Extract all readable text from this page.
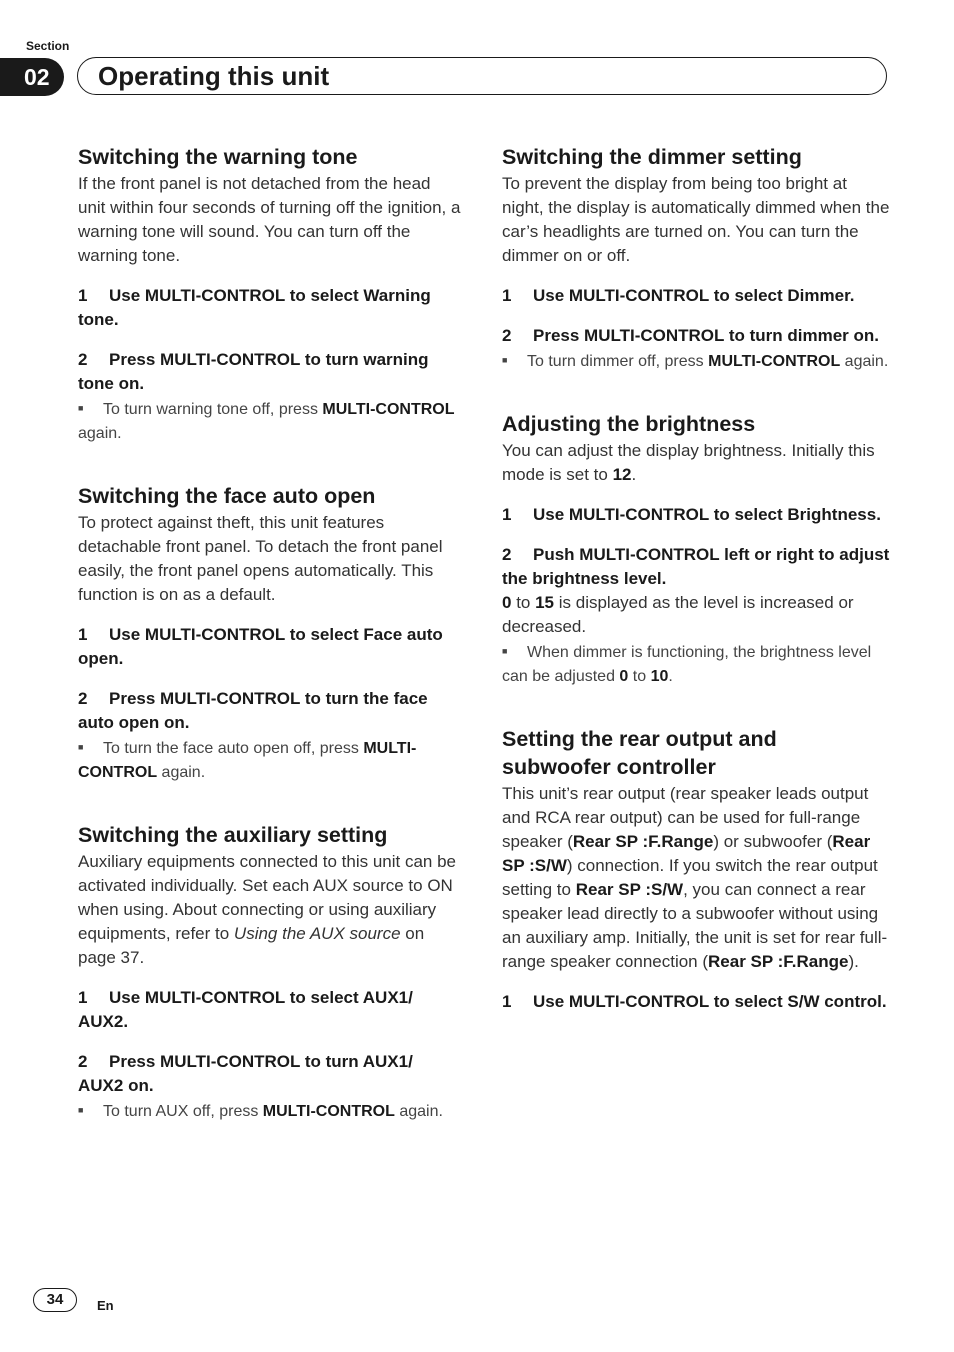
Section
02	Operating this unit
Switching the warning tone

If the front panel is not detached from the head unit within four seconds of turning off the ignition, a warning tone will sound. You can turn off the warning tone.

1 Use MULTI-CONTROL to select Warning tone.

2 Press MULTI-CONTROL to turn warning tone on.

■ To turn warning tone off, press MULTI-CONTROL again.

Switching the face auto open

To protect against theft, this unit features detachable front panel. To detach the front panel easily, the front panel opens automatically. This function is on as a default.

1 Use MULTI-CONTROL to select Face auto open.

2 Press MULTI-CONTROL to turn the face auto open on.

■ To turn the face auto open off, press MULTI-CONTROL again.

Switching the auxiliary setting

Auxiliary equipments connected to this unit can be activated individually. Set each AUX source to ON when using. About connecting or using auxiliary equipments, refer to Using the AUX source on page 37.

1 Use MULTI-CONTROL to select AUX1/ AUX2.

2 Press MULTI-CONTROL to turn AUX1/ AUX2 on.

■ To turn AUX off, press MULTI-CONTROL again.

Switching the dimmer setting

To prevent the display from being too bright at night, the display is automatically dimmed when the car’s headlights are turned on. You can turn the dimmer on or off.

1 Use MULTI-CONTROL to select Dimmer.

2 Press MULTI-CONTROL to turn dimmer on.

■ To turn dimmer off, press MULTI-CONTROL again.

Adjusting the brightness

You can adjust the display brightness. Initially this mode is set to 12.

1 Use MULTI-CONTROL to select Brightness.

2 Push MULTI-CONTROL left or right to adjust the brightness level.

0 to 15 is displayed as the level is increased or decreased.

■ When dimmer is functioning, the brightness level can be adjusted 0 to 10.

Setting the rear output and subwoofer controller

This unit’s rear output (rear speaker leads output and RCA rear output) can be used for full-range speaker (Rear SP :F.Range) or subwoofer (Rear SP :S/W) connection. If you switch the rear output setting to Rear SP :S/W, you can connect a rear speaker lead directly to a subwoofer without using an auxiliary amp. Initially, the unit is set for rear full-range speaker connection (Rear SP :F.Range).

1 Use MULTI-CONTROL to select S/W control.

34	En
